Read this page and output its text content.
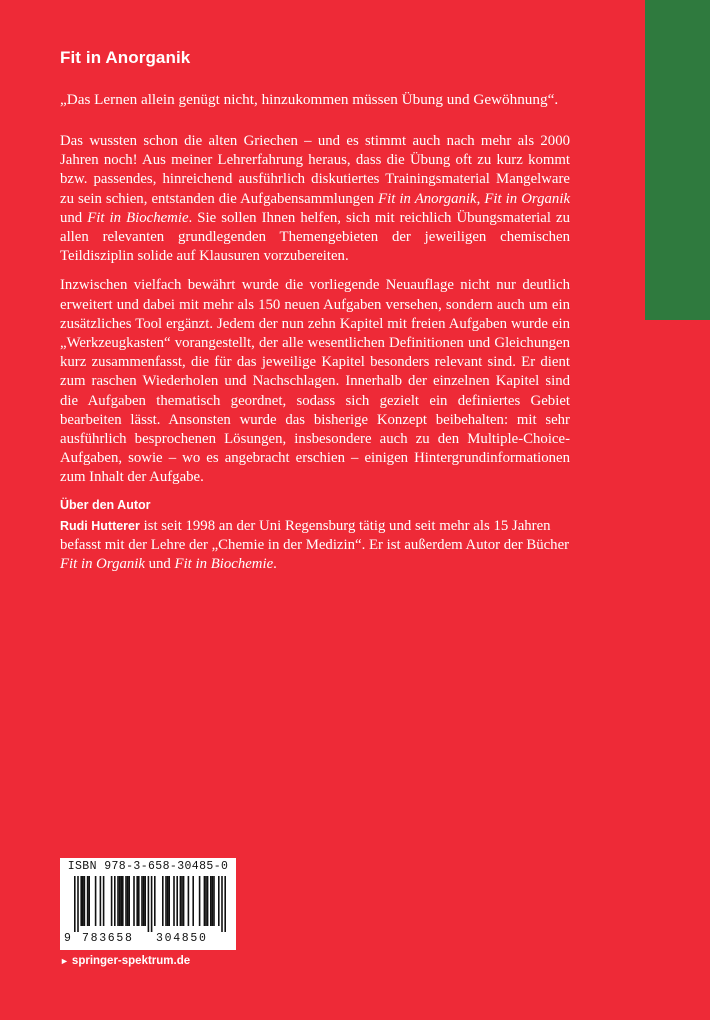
Fit in Anorganik

„Das Lernen allein genügt nicht, hinzukommen müssen Übung und Gewöhnung“.

Das wussten schon die alten Griechen – und es stimmt auch nach mehr als 2000 Jahren noch! Aus meiner Lehrerfahrung heraus, dass die Übung oft zu kurz kommt bzw. passendes, hinreichend ausführlich diskutiertes Trainingsmaterial Mangelware zu sein schien, entstanden die Aufgabensammlungen Fit in Anorganik, Fit in Organik und Fit in Biochemie. Sie sollen Ihnen helfen, sich mit reichlich Übungsmaterial zu allen relevanten grundlegenden Themengebieten der jeweiligen chemischen Teildisziplin solide auf Klausuren vorzubereiten.

Inzwischen vielfach bewährt wurde die vorliegende Neuauflage nicht nur deutlich erweitert und dabei mit mehr als 150 neuen Aufgaben versehen, sondern auch um ein zusätzliches Tool ergänzt. Jedem der nun zehn Kapitel mit freien Aufgaben wurde ein „Werkzeugkasten“ vorangestellt, der alle wesentlichen Definitionen und Gleichungen kurz zusammenfasst, die für das jeweilige Kapitel besonders relevant sind. Er dient zum raschen Wiederholen und Nachschlagen. Innerhalb der einzelnen Kapitel sind die Aufgaben thematisch geordnet, sodass sich gezielt ein definiertes Gebiet bearbeiten lässt. Ansonsten wurde das bisherige Konzept beibehalten: mit sehr ausführlich besprochenen Lösungen, insbesondere auch zu den Multiple-Choice-Aufgaben, sowie – wo es angebracht erschien – einigen Hintergrundinformationen zum Inhalt der Aufgabe.

Über den Autor

Rudi Hutterer ist seit 1998 an der Uni Regensburg tätig und seit mehr als 15 Jahren befasst mit der Lehre der „Chemie in der Medizin“. Er ist außerdem Autor der Bücher Fit in Organik und Fit in Biochemie.

ISBN 978-3-658-30485-0
9 783658 304850
► springer-spektrum.de
